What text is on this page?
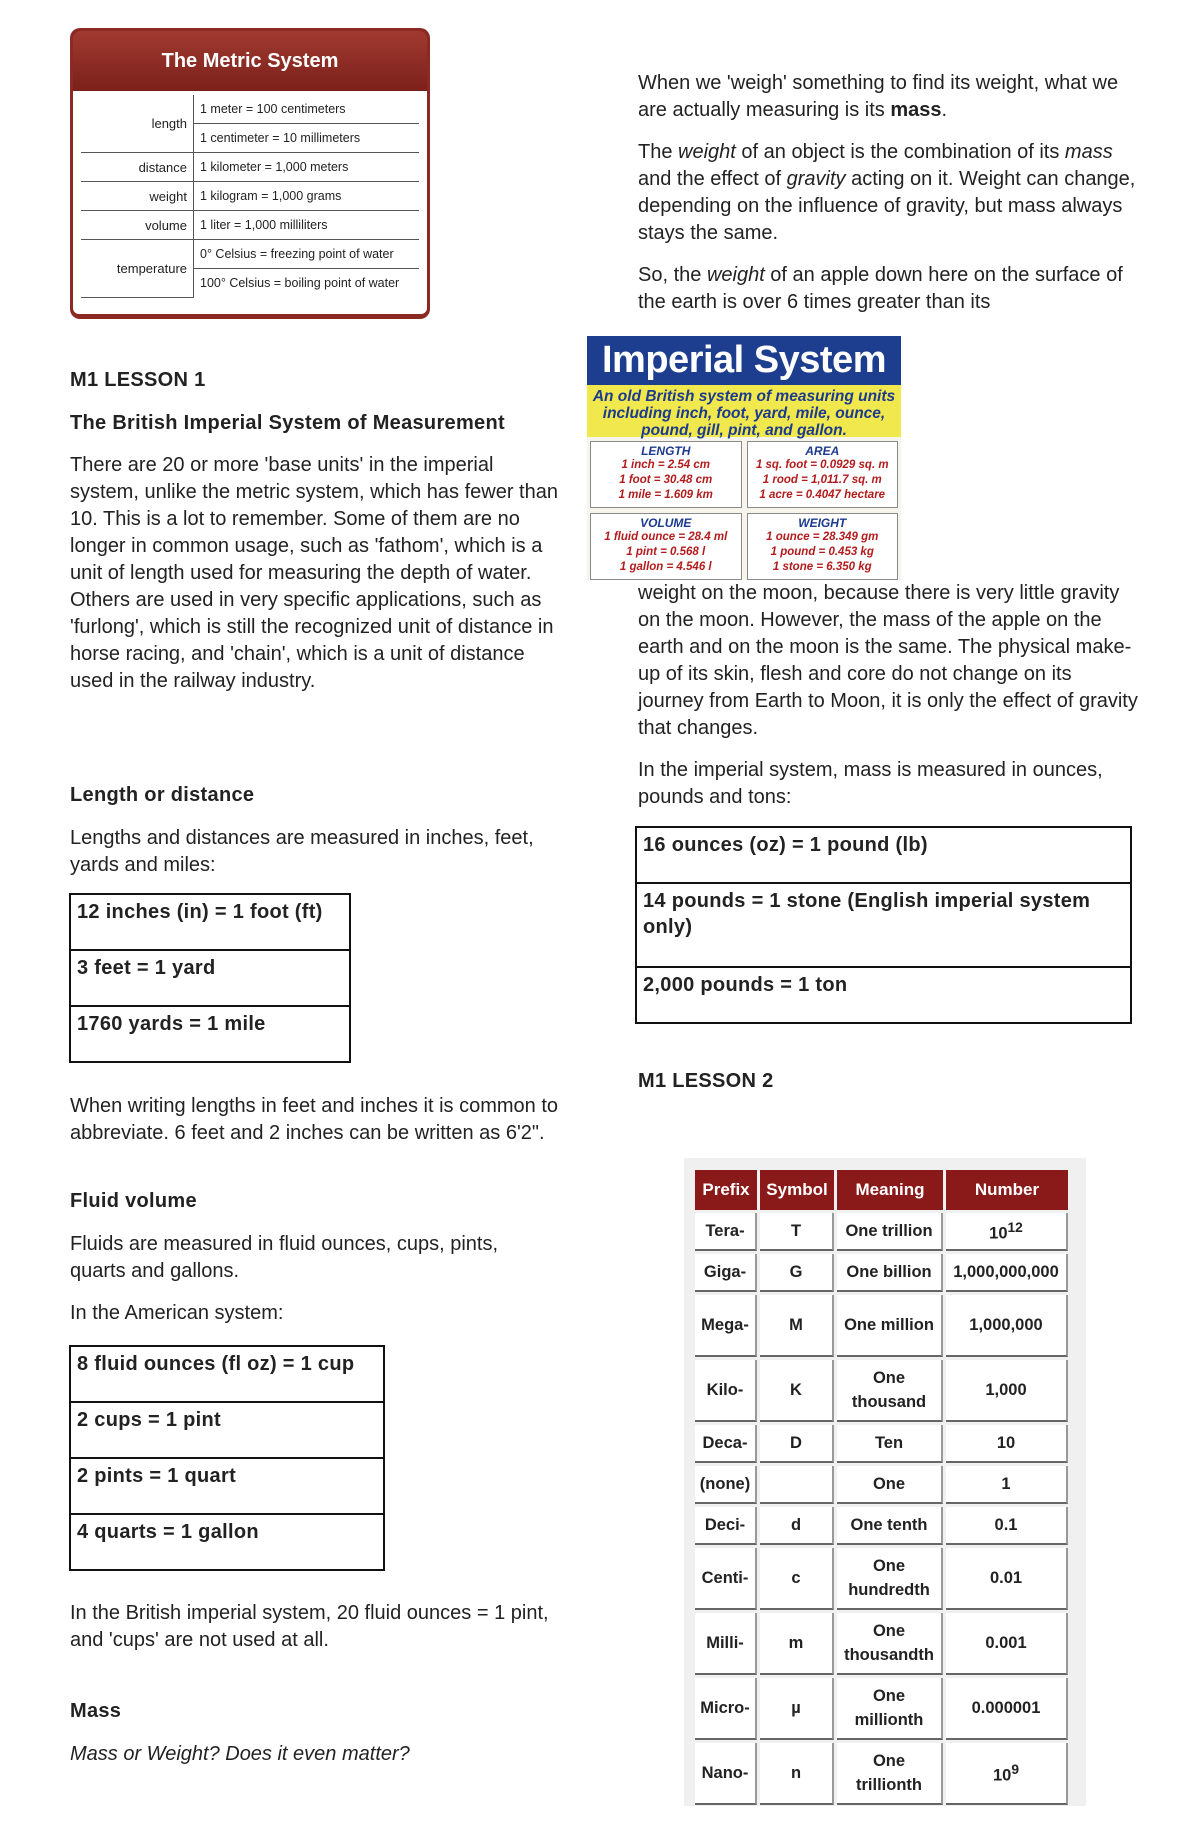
The Metric System
length	1 meter = 100 centimeters
	1 centimeter = 10 millimeters
distance	1 kilometer = 1,000 meters
weight	1 kilogram = 1,000 grams
volume	1 liter = 1,000 milliliters
temperature	0° Celsius = freezing point of water
	100° Celsius = boiling point of water
M1 LESSON 1
The British Imperial System of Measurement

There are 20 or more 'base units' in the imperial system, unlike the metric system, which has fewer than 10. This is a lot to remember. Some of them are no longer in common usage, such as 'fathom', which is a unit of length used for measuring the depth of water. Others are used in very specific applications, such as 'furlong', which is still the recognized unit of distance in horse racing, and 'chain', which is a unit of distance used in the railway industry.

Length or distance

Lengths and distances are measured in inches, feet, yards and miles:

12 inches (in) = 1 foot (ft)
3 feet = 1 yard
1760 yards = 1 mile

When writing lengths in feet and inches it is common to abbreviate. 6 feet and 2 inches can be written as 6'2".

Fluid volume

Fluids are measured in fluid ounces, cups, pints, quarts and gallons.

In the American system:

8 fluid ounces (fl oz) = 1 cup
2 cups = 1 pint
2 pints = 1 quart
4 quarts = 1 gallon

In the British imperial system, 20 fluid ounces = 1 pint, and 'cups' are not used at all.

Mass

Mass or Weight? Does it even matter?

When we 'weigh' something to find its weight, what we are actually measuring is its mass.

The weight of an object is the combination of its mass and the effect of gravity acting on it. Weight can change, depending on the influence of gravity, but mass always stays the same.

So, the weight of an apple down here on the surface of the earth is over 6 times greater than its

Imperial System
An old British system of measuring units including inch, foot, yard, mile, ounce, pound, gill, pint, and gallon.
LENGTH
1 inch = 2.54 cm
1 foot = 30.48 cm
1 mile = 1.609 km
AREA
1 sq. foot = 0.0929 sq. m
1 rood = 1,011.7 sq. m
1 acre = 0.4047 hectare
VOLUME
1 fluid ounce = 28.4 ml
1 pint = 0.568 l
1 gallon = 4.546 l
WEIGHT
1 ounce = 28.349 gm
1 pound = 0.453 kg
1 stone = 6.350 kg

weight on the moon, because there is very little gravity on the moon. However, the mass of the apple on the earth and on the moon is the same. The physical make-up of its skin, flesh and core do not change on its journey from Earth to Moon, it is only the effect of gravity that changes.

In the imperial system, mass is measured in ounces, pounds and tons:

16 ounces (oz) = 1 pound (lb)
14 pounds = 1 stone (English imperial system only)
2,000 pounds = 1 ton
M1 LESSON 2
Prefix	Symbol	Meaning	Number
Tera-	T	One trillion	$10^{12}$
Giga-	G	One billion	1,000,000,000
Mega-	M	One million	1,000,000
Kilo-	K	One thousand	1,000
Deca-	D	Ten	10
(none)		One	1
Deci-	d	One tenth	0.1
Centi-	c	One hundredth	0.01
Milli-	m	One thousandth	0.001
Micro-	µ	One millionth	0.000001
Nano-	n	One trillionth	$10^9$
